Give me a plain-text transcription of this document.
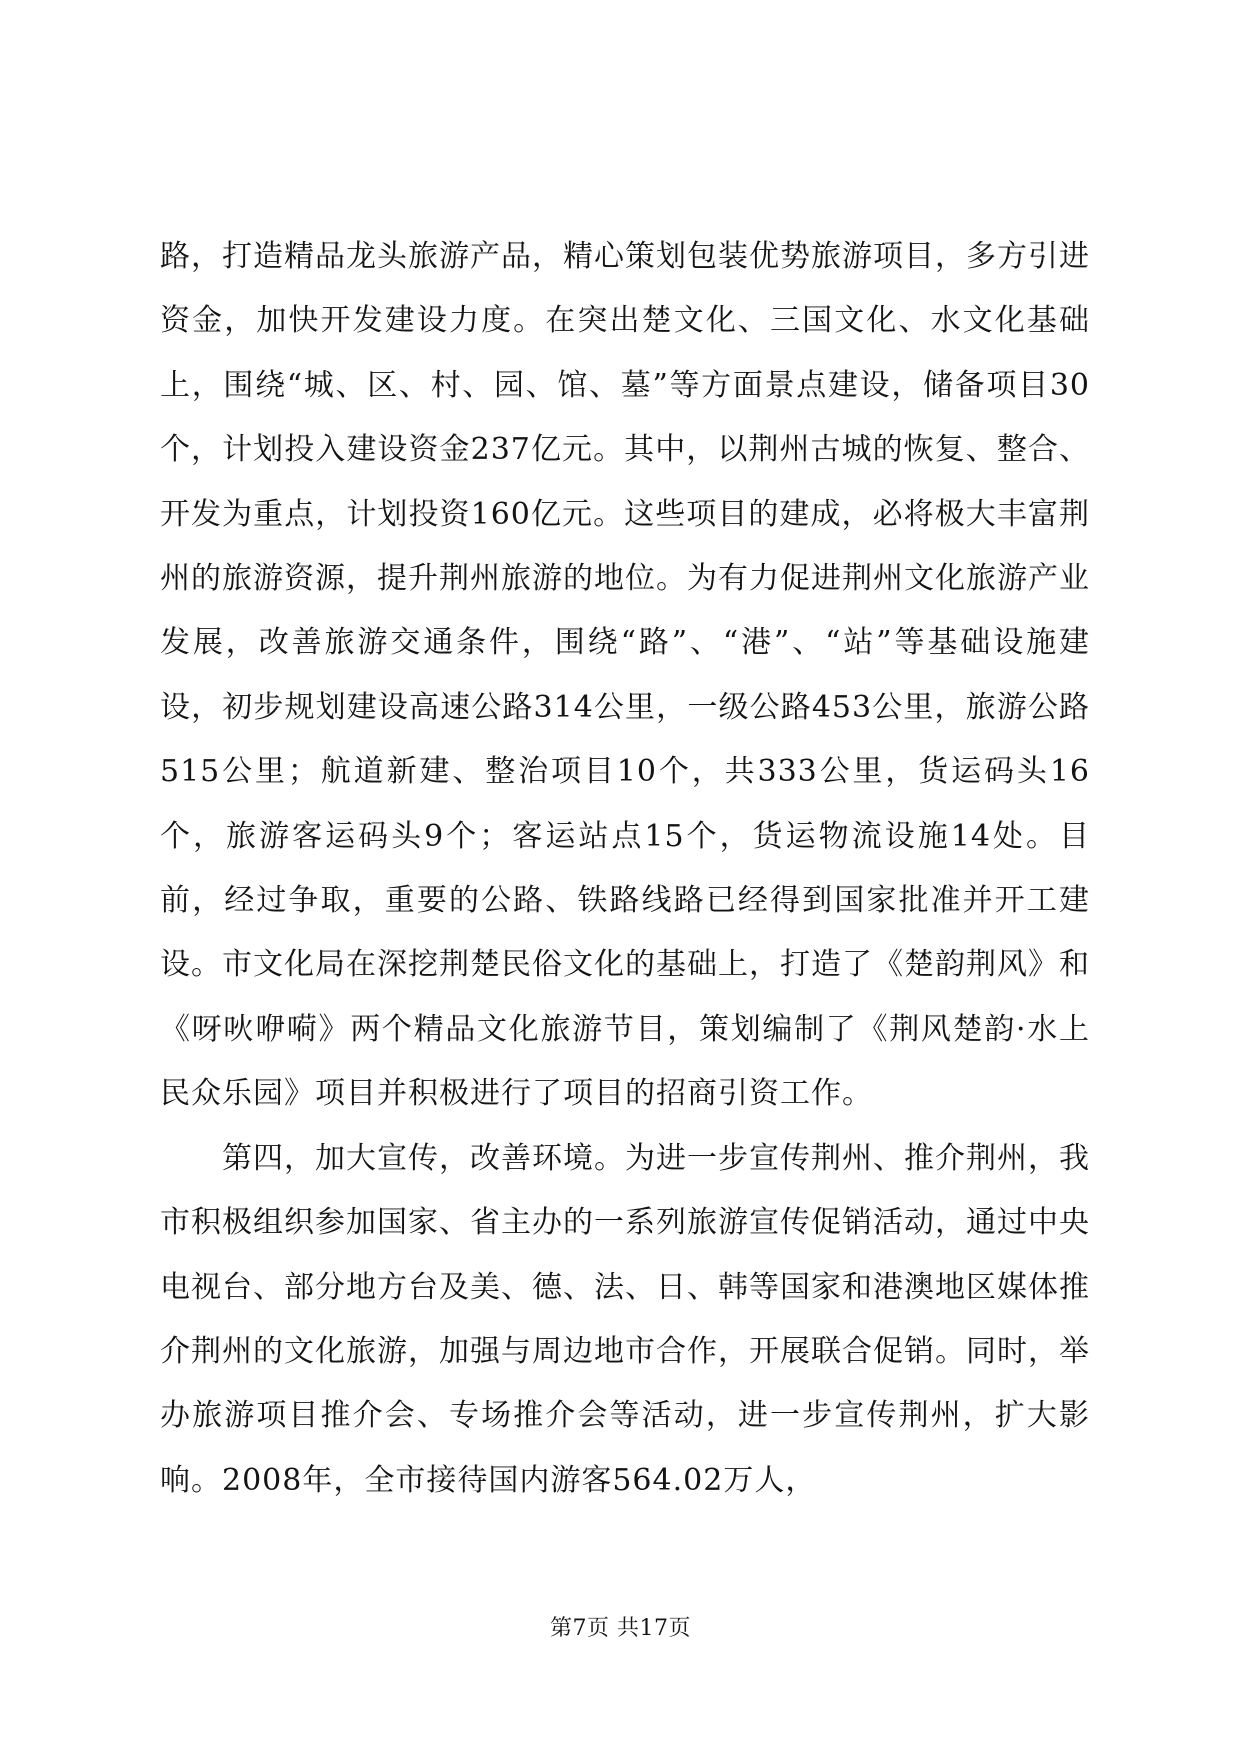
路，打造精品龙头旅游产品，精心策划包装优势旅游项目，多方引进资金，加快开发建设力度。在突出楚文化、三国文化、水文化基础上，围绕“城、区、村、园、馆、墓”等方面景点建设，储备项目30个，计划投入建设资金237亿元。其中，以荆州古城的恢复、整合、开发为重点，计划投资160亿元。这些项目的建成，必将极大丰富荆州的旅游资源，提升荆州旅游的地位。为有力促进荆州文化旅游产业发展，改善旅游交通条件，围绕“路”、“港”、“站”等基础设施建设，初步规划建设高速公路314公里，一级公路453公里，旅游公路515公里；航道新建、整治项目10个，共333公里，货运码头16个，旅游客运码头9个；客运站点15个，货运物流设施14处。目前，经过争取，重要的公路、铁路线路已经得到国家批准并开工建设。市文化局在深挖荆楚民俗文化的基础上，打造了《楚韵荆风》和《呀吙咿嗬》两个精品文化旅游节目，策划编制了《荆风楚韵·水上民众乐园》项目并积极进行了项目的招商引资工作。

第四，加大宣传，改善环境。为进一步宣传荆州、推介荆州，我市积极组织参加国家、省主办的一系列旅游宣传促销活动，通过中央电视台、部分地方台及美、德、法、日、韩等国家和港澳地区媒体推介荆州的文化旅游，加强与周边地市合作，开展联合促销。同时，举办旅游项目推介会、专场推介会等活动，进一步宣传荆州，扩大影响。2008年，全市接待国内游客564.02万人，

第7页 共17页
